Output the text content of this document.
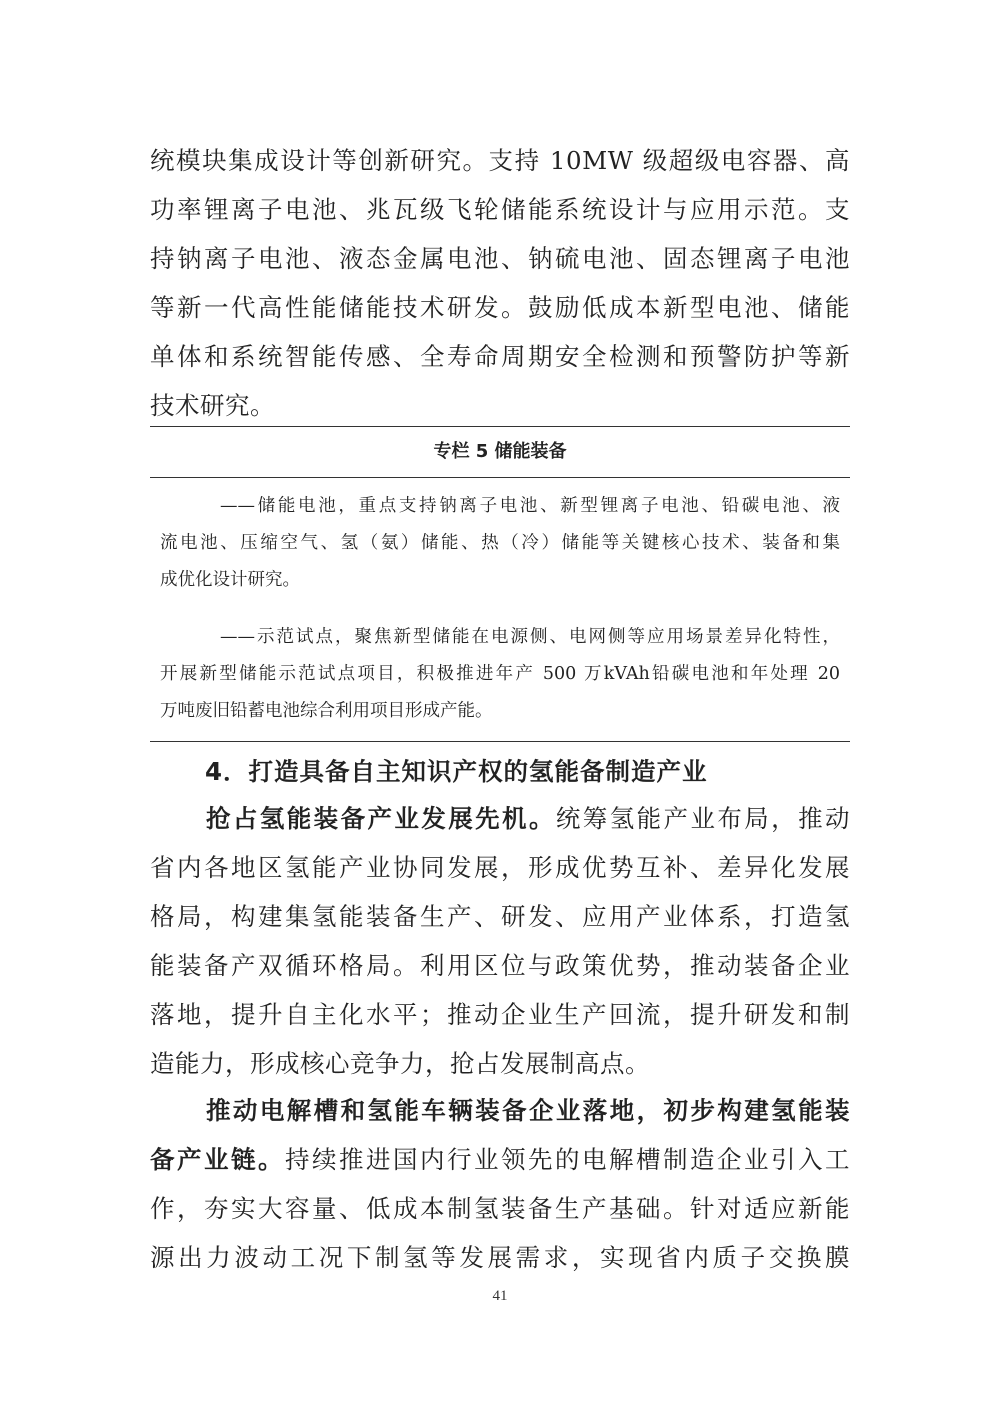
统模块集成设计等创新研究。支持 10MW 级超级电容器、高
功率锂离子电池、兆瓦级飞轮储能系统设计与应用示范。支
持钠离子电池、液态金属电池、钠硫电池、固态锂离子电池
等新一代高性能储能技术研发。鼓励低成本新型电池、储能
单体和系统智能传感、全寿命周期安全检测和预警防护等新
技术研究。
专栏 5 储能装备
——储能电池，重点支持钠离子电池、新型锂离子电池、铅碳电池、液
流电池、压缩空气、氢（氨）储能、热（冷）储能等关键核心技术、装备和集
成优化设计研究。
——示范试点，聚焦新型储能在电源侧、电网侧等应用场景差异化特性，
开展新型储能示范试点项目，积极推进年产 500 万kVAh铅碳电池和年处理 20
万吨废旧铅蓄电池综合利用项目形成产能。
4．打造具备自主知识产权的氢能备制造产业
抢占氢能装备产业发展先机。统筹氢能产业布局，推动
省内各地区氢能产业协同发展，形成优势互补、差异化发展
格局，构建集氢能装备生产、研发、应用产业体系，打造氢
能装备产双循环格局。利用区位与政策优势，推动装备企业
落地，提升自主化水平；推动企业生产回流，提升研发和制
造能力，形成核心竞争力，抢占发展制高点。
推动电解槽和氢能车辆装备企业落地，初步构建氢能装
备产业链。持续推进国内行业领先的电解槽制造企业引入工
作，夯实大容量、低成本制氢装备生产基础。针对适应新能
源出力波动工况下制氢等发展需求，实现省内质子交换膜
41
